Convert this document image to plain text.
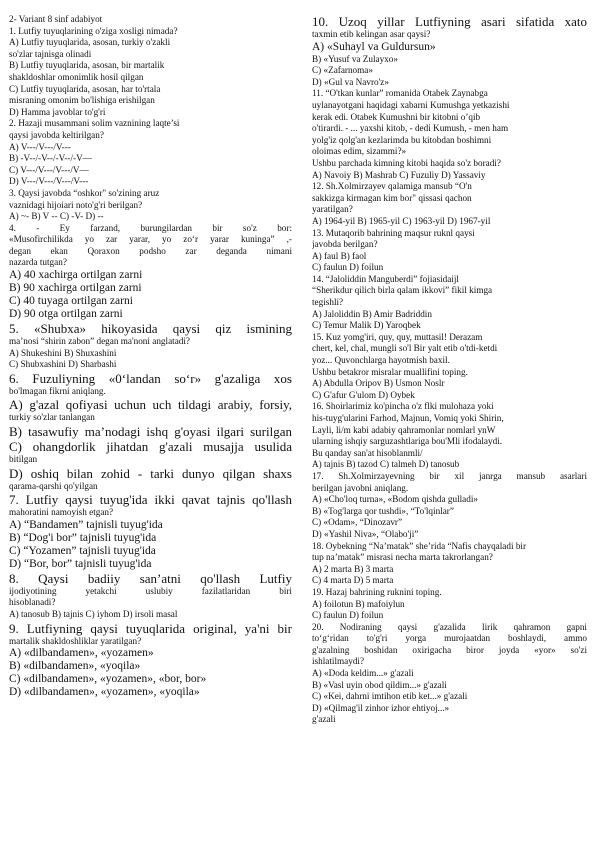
2- Variant 8 sinf adabiyot
1. Lutfiy tuyuqlarining o'ziga xosligi nimada?
A) Lutfiy tuyuqlarida, asosan, turkiy o'zakli
so'zlar tajnisga olinadi
B) Lutfiy tuyuqlarida, asosan, bir martalik
shakldoshlar omonimlik hosil qilgan
C) Lutfiy tuyuqlarida, asosan, har to'rtala
misraning omonim bo'lishiga erishilgan
D) Hamma javoblar to'g'ri
2. Hazaji musammani solim vaznining laqte’si
qaysi javobda keltirilgan?
A) V---/V---/V---
B) -V--/-V--/-V--/-V—
C) V---/V---/V---/V—
D) V---/V---/V---/V---
3. Qaysi javobda “oshkor" so'zining aruz
vaznidagi hijoiari noto'g'ri berilgan?
A) ~- B) V -- C) -V- D) --
4. - Ey farzand, burungilardan bir so'z bor:
«Musofirchilikda yo zar yarar, yo zo‘r yarar kuninga” ,-
degan ekan Qoraxon podsho zar deganda nimani
nazarda tutgan?
A) 40 xachirga ortilgan zarni
B) 90 xachirga ortilgan zarni
C) 40 tuyaga ortilgan zarni
D) 90 otga ortilgan zarni
5. «Shubxa» hikoyasida qaysi qiz ismining
ma’nosi “shirin zabon” degan ma'noni anglatadi?
A) Shukeshini B) Shuxashini
C) Shubxashini D) Sharbashi
6. Fuzuliyning «0‘landan so‘r» g'azaliga xos
bo'lmagan fikrni aniqlang.
A) g'azal qofiyasi uchun uch tildagi arabiy, forsiy,
turkiy so'zlar tanlangan
B) tasawufiy ma’nodagi ishq g'oyasi ilgari surilgan
C) ohangdorlik jihatdan g'azali musajja usulida
bitilgan
D) oshiq bilan zohid - tarki dunyo qilgan shaxs
qarama-qarshi qo'yilgan
7. Lutfiy qaysi tuyug'ida ikki qavat tajnis qo'llash
mahoratini namoyish etgan?
A) “Bandamen” tajnisli tuyug'ida
B) “Dog'i bor” tajnisli tuyug'ida
C) “Yozamen” tajnisli tuyug'ida
D) “Bor, bor” tajnisli tuyug'ida
8. Qaysi badiiy san’atni qo'llash Lutfiy
ijodiyotining yetakchi uslubiy fazilatlaridan biri
hisoblanadi?
A) tanosub B) tajnis C) iyhom D) irsoli masal
9. Lutfiyning qaysi tuyuqlarida original, ya'ni bir
martalik shakldoshliklar yaratilgan?
A) «dilbandamen», «yozamen»
B) «dilbandamen», «yoqila»
C) «dilbandamen», «yozamen», «bor, bor»
D) «dilbandamen», «yozamen», «yoqila»
10. Uzoq yillar Lutfiyning asari sifatida xato
taxmin etib kelingan asar qaysi?
A) «Suhayl va Guldursun»
B) «Yusuf va Zulayxo»
C) «Zafarnoma»
D) «Gul va Navro'z»
11. “O'tkan kunlar” romanida Otabek Zaynabga
uylanayotgani haqidagi xabarni Kumushga yetkazishi
kerak edi. Otabek Kumushni bir kitobni o’qib
o'tirardi. - ... yaxshi kitob, - dedi Kumush, - men ham
yolg'iz qolg'an kezlarimda bu kitobdan boshimni
oloimas edim, sizammi?»
Ushbu parchada kimning kitobi haqida so'z boradi?
A) Navoiy B) Mashrab C) Fuzuliy D) Yassaviy
12. Sh.Xolmirzayev qalamiga mansub “O'n
sakkizga kirmagan kim bor" qissasi qachon
yaratilgan?
A) 1964-yil B) 1965-yil C) 1963-yil D) 1967-yil
13. Mutaqorib bahrining maqsur ruknl qaysi
javobda berilgan?
A) faul B) faol
C) faulun D) foilun
14. “Jaloliddin Manguberdi” fojiasidaijl
“Sherikdur qilich birla qalam ikkovi” fikil kimga
tegishli?
A) Jaloliddin B) Amir Badriddin
C) Temur Malik D) Yaroqbek
15. Kuz yomg'iri, quy, quy, muttasil! Derazam
chert, kel, chal, mungli so'l Bir yalt etib o'tdi-ketdi
yoz... Quvonchlarga hayotmish baxil.
Ushbu betakror misralar muallifini toping.
A) Abdulla Oripov B) Usmon Noslr
C) G'afur G'ulom D) Oybek
16. Shoirlarimiz ko'pincha o'z flki mulohaza yoki
his-tuyg'ularini Farhod, Majnun, Vomiq yoki Shirin,
Layli, li/m kabi adabiy qahramonlar nomlarl ynW
ularning ishqiy sarguzashtlariga bou'Mli ifodalaydi.
Bu qanday san'at hisoblanmli/
A) tajnis B) tazod C) talmeh D) tanosub
17. Sh.Xolmirzayevning bir xil janrga mansub asarlari
berilgan javobni aniqlang.
A) «Cho'loq turna», «Bodom qishda gulladi»
B) «Tog'larga qor tushdi», “To'lqinlar”
C) «Odam», “Dinozavr”
D) «Yashil Niva», “Olabo'ji”
18. Oybekning “Na’matak” she’rida “Nafis chayqaladi bir
tup na’matak” misrasi necha marta takrorlangan?
A) 2 marta B) 3 marta
C) 4 marta D) 5 marta
19. Hazaj bahrining ruknini toping.
A) foilotun B) mafoiylun
C) faulun D) foilun
20. Nodiraning qaysi g'azalida lirik qahramon gapni
to‘g‘ridan to'g'ri yorga murojaatdan boshlaydi, ammo
g'azalning boshidan oxirigacha biror joyda «yor» so'zi
ishlatilmaydi?
A) «Doda keldim...» g'azali
B) «Vasl uyin obod qildim...» g'azali
C) «Kei, dahrni imtihon etib ket...» g'azali
D) «Qilmag'il zinhor izhor ehtiyoj...»
g'azali
